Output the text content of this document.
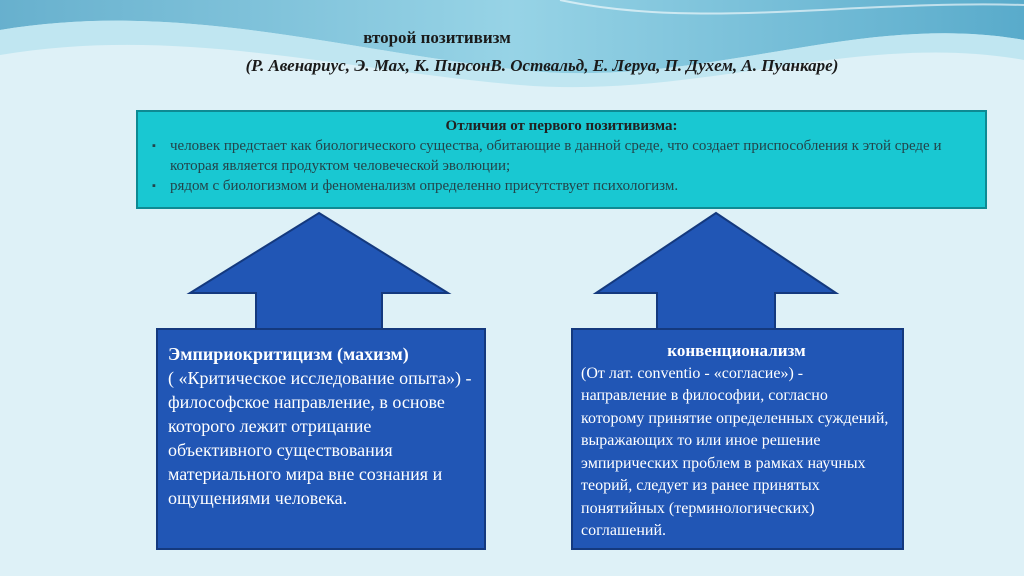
второй позитивизм
(Р. Авенариус, Э. Мах, К. ПирсонВ. Оствальд, Е. Леруа, П. Духем, А. Пуанкаре)
Отличия от первого позитивизма:
▪ человек предстает как биологического существа, обитающие в данной среде, что создает приспособления к этой среде и которая является продуктом человеческой эволюции;
▪ рядом с биологизмом и феноменализм определенно присутствует психологизм.
Эмпириокритицизм (махизм)
( «Критическое исследование опыта») - философское направление, в основе которого лежит отрицание объективного существования материального мира вне сознания и ощущениями человека.
конвенционализм
(От лат. conventio - «согласие») - направление в философии, согласно которому принятие определенных суждений, выражающих то или иное решение эмпирических проблем в рамках научных теорий, следует из ранее принятых понятийных (терминологических) соглашений.
